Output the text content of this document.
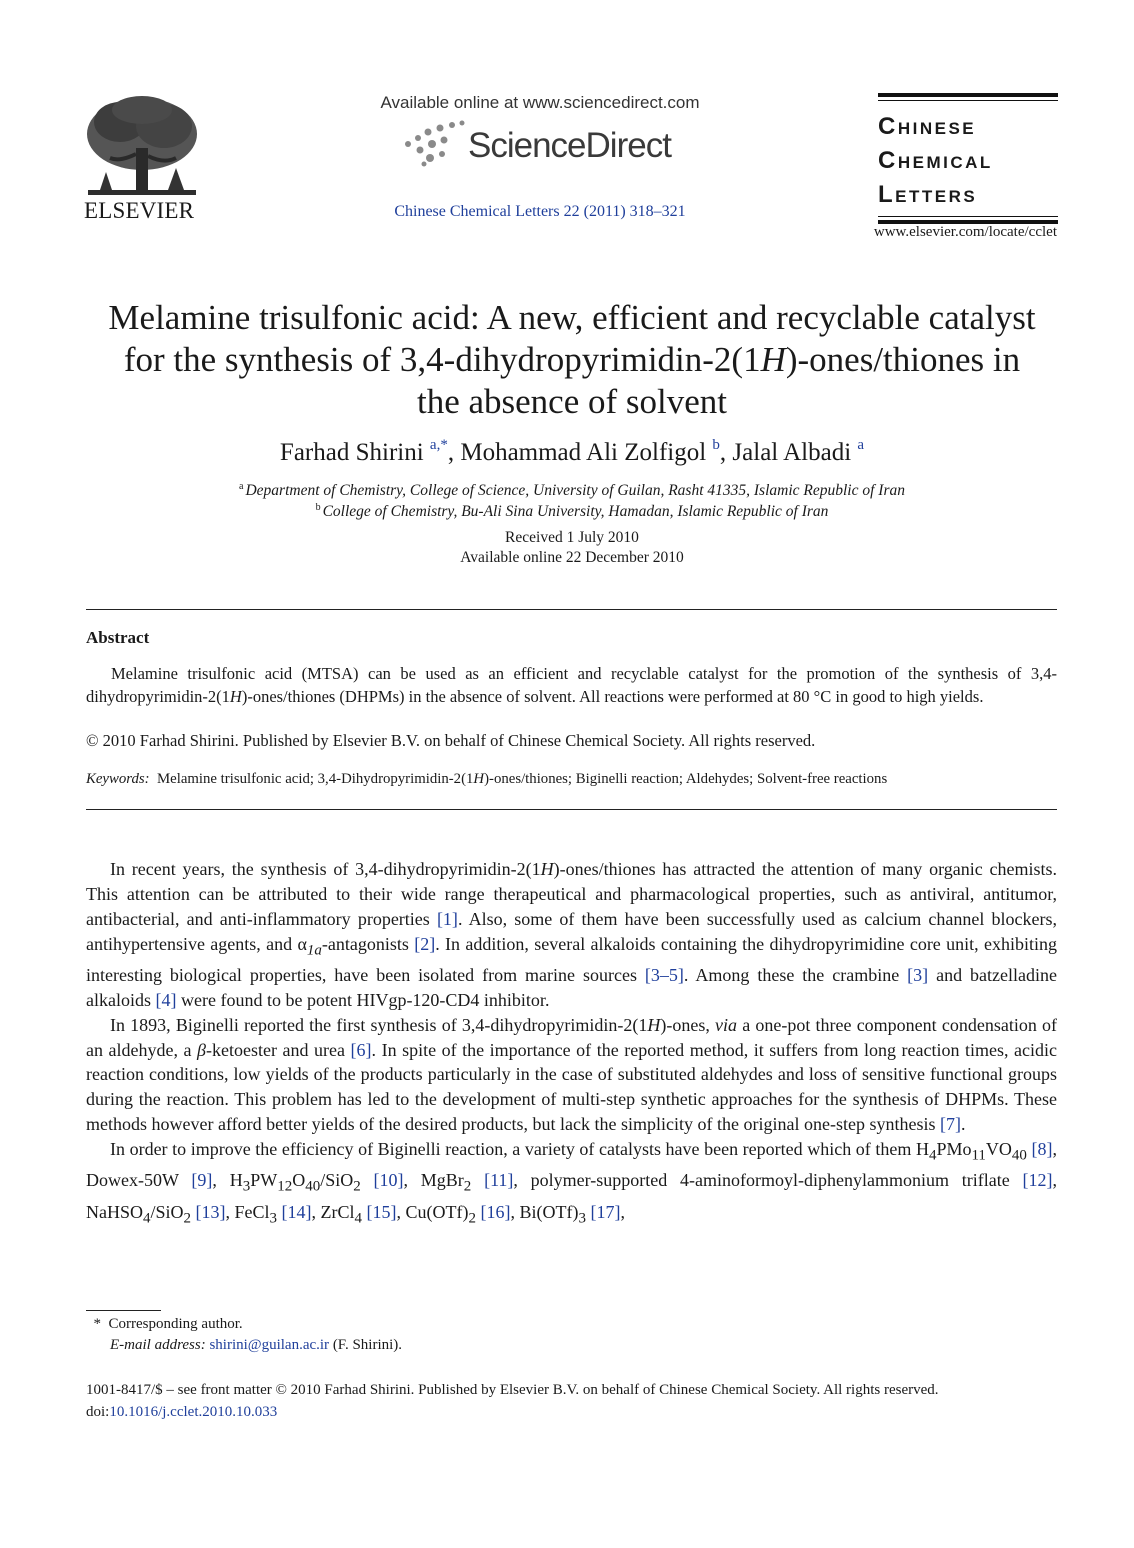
ELSEVIER
Available online at www.sciencedirect.com
ScienceDirect
Chinese Chemical Letters 22 (2011) 318–321
Chinese
Chemical
Letters
www.elsevier.com/locate/cclet
Melamine trisulfonic acid: A new, efficient and recyclable catalyst
for the synthesis of 3,4-dihydropyrimidin-2(1H)-ones/thiones in
the absence of solvent
Farhad Shirini $^{a,*}$, Mohammad Ali Zolfigol $^b$, Jalal Albadi $^a$
$^a$ Department of Chemistry, College of Science, University of Guilan, Rasht 41335, Islamic Republic of Iran
$^b$ College of Chemistry, Bu-Ali Sina University, Hamadan, Islamic Republic of Iran
Received 1 July 2010
Available online 22 December 2010
Abstract
Melamine trisulfonic acid (MTSA) can be used as an efficient and recyclable catalyst for the promotion of the synthesis of 3,4-dihydropyrimidin-2(1H)-ones/thiones (DHPMs) in the absence of solvent. All reactions were performed at 80 °C in good to high yields.
© 2010 Farhad Shirini. Published by Elsevier B.V. on behalf of Chinese Chemical Society. All rights reserved.
Keywords: Melamine trisulfonic acid; 3,4-Dihydropyrimidin-2(1H)-ones/thiones; Biginelli reaction; Aldehydes; Solvent-free reactions

In recent years, the synthesis of 3,4-dihydropyrimidin-2(1H)-ones/thiones has attracted the attention of many organic chemists. This attention can be attributed to their wide range therapeutical and pharmacological properties, such as antiviral, antitumor, antibacterial, and anti-inflammatory properties [1]. Also, some of them have been successfully used as calcium channel blockers, antihypertensive agents, and $\alpha_{1a}$-antagonists [2]. In addition, several alkaloids containing the dihydropyrimidine core unit, exhibiting interesting biological properties, have been isolated from marine sources [3–5]. Among these the crambine [3] and batzelladine alkaloids [4] were found to be potent HIVgp-120-CD4 inhibitor.

In 1893, Biginelli reported the first synthesis of 3,4-dihydropyrimidin-2(1H)-ones, via a one-pot three component condensation of an aldehyde, a β-ketoester and urea [6]. In spite of the importance of the reported method, it suffers from long reaction times, acidic reaction conditions, low yields of the products particularly in the case of substituted aldehydes and loss of sensitive functional groups during the reaction. This problem has led to the development of multi-step synthetic approaches for the synthesis of DHPMs. These methods however afford better yields of the desired products, but lack the simplicity of the original one-step synthesis [7].

In order to improve the efficiency of Biginelli reaction, a variety of catalysts have been reported which of them $H_4PMo_{11}VO_{40}$ [8], Dowex-50W [9], $H_3PW_{12}O_{40}/SiO_2$ [10], MgBr$_2$ [11], polymer-supported 4-aminoformoyl-diphenylammonium triflate [12], NaHSO$_4$/SiO$_2$ [13], FeCl$_3$ [14], ZrCl$_4$ [15], $Cu(OTf)_2$ [16], $Bi(OTf)_3$ [17],

* Corresponding author.
E-mail address: shirini@guilan.ac.ir (F. Shirini).
1001-8417/$ – see front matter © 2010 Farhad Shirini. Published by Elsevier B.V. on behalf of Chinese Chemical Society. All rights reserved.
doi:10.1016/j.cclet.2010.10.033
